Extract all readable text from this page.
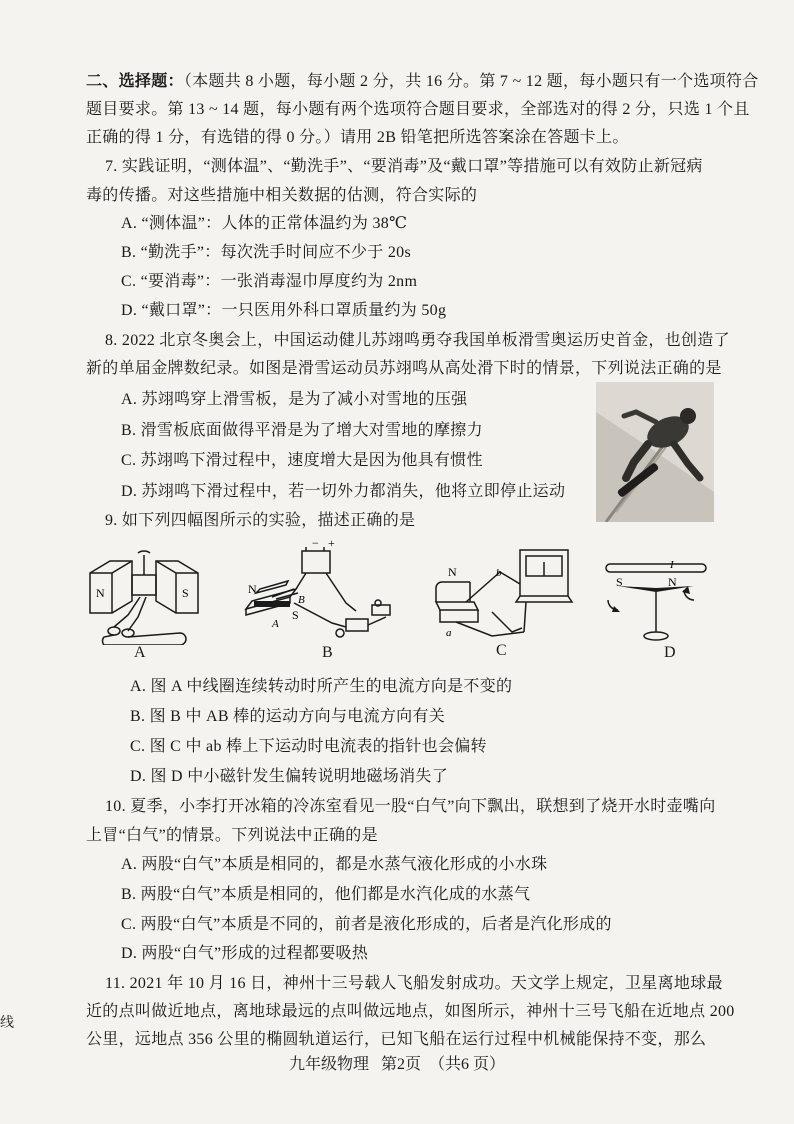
二、选择题：（本题共 8 小题，每小题 2 分，共 16 分。第 7 ~ 12 题，每小题只有一个选项符合

题目要求。第 13 ~ 14 题，每小题有两个选项符合题目要求，全部选对的得 2 分，只选 1 个且

正确的得 1 分，有选错的得 0 分。）请用 2B 铅笔把所选答案涂在答题卡上。

7. 实践证明，“测体温”、“勤洗手”、“要消毒”及“戴口罩”等措施可以有效防止新冠病

毒的传播。对这些措施中相关数据的估测，符合实际的

A. “测体温”：人体的正常体温约为 38℃

B. “勤洗手”：每次洗手时间应不少于 20s

C. “要消毒”：一张消毒湿巾厚度约为 2nm

D. “戴口罩”：一只医用外科口罩质量约为 50g

8. 2022 北京冬奥会上，中国运动健儿苏翊鸣勇夺我国单板滑雪奥运历史首金，也创造了

新的单届金牌数纪录。如图是滑雪运动员苏翊鸣从高处滑下时的情景，下列说法正确的是

A. 苏翊鸣穿上滑雪板，是为了减小对雪地的压强

B. 滑雪板底面做得平滑是为了增大对雪地的摩擦力

C. 苏翊鸣下滑过程中，速度增大是因为他具有惯性

D. 苏翊鸣下滑过程中，若一切外力都消失，他将立即停止运动

9. 如下列四幅图所示的实验，描述正确的是

N	S
A
N
S
A
B
− +
B
N
a
b
C
S	N
I
D

A. 图 A 中线圈连续转动时所产生的电流方向是不变的

B. 图 B 中 AB 棒的运动方向与电流方向有关

C. 图 C 中 ab 棒上下运动时电流表的指针也会偏转

D. 图 D 中小磁针发生偏转说明地磁场消失了

10. 夏季，小李打开冰箱的冷冻室看见一股“白气”向下飘出，联想到了烧开水时壶嘴向

上冒“白气”的情景。下列说法中正确的是

A. 两股“白气”本质是相同的，都是水蒸气液化形成的小水珠

B. 两股“白气”本质是相同的，他们都是水汽化成的水蒸气

C. 两股“白气”本质是不同的，前者是液化形成的，后者是汽化形成的

D. 两股“白气”形成的过程都要吸热

11. 2021 年 10 月 16 日，神州十三号载人飞船发射成功。天文学上规定，卫星离地球最

近的点叫做近地点，离地球最远的点叫做远地点，如图所示，神州十三号飞船在近地点 200

公里，远地点 356 公里的椭圆轨道运行，已知飞船在运行过程中机械能保持不变，那么

九年级物理 第2页 （共6 页）
线
